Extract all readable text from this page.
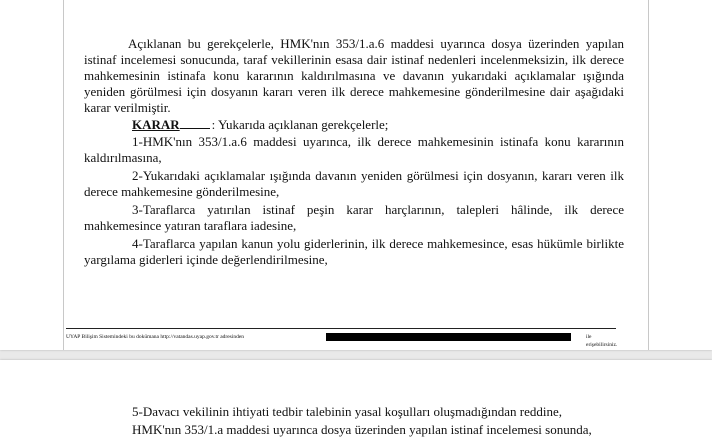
Açıklanan bu gerekçelerle, HMK'nın 353/1.a.6 maddesi uyarınca dosya üzerinden yapılan istinaf incelemesi sonucunda, taraf vekillerinin esasa dair istinaf nedenleri incelenmeksizin, ilk derece mahkemesinin istinafa konu kararının kaldırılmasına ve davanın yukarıdaki açıklamalar ışığında yeniden görülmesi için dosyanın kararı veren ilk derece mahkemesine gönderilmesine dair aşağıdaki karar verilmiştir.
KARAR : Yukarıda açıklanan gerekçelerle;
1-HMK'nın 353/1.a.6 maddesi uyarınca, ilk derece mahkemesinin istinafa konu kararının kaldırılmasına,
2-Yukarıdaki açıklamalar ışığında davanın yeniden görülmesi için dosyanın, kararı veren ilk derece mahkemesine gönderilmesine,
3-Taraflarca yatırılan istinaf peşin karar harçlarının, talepleri hâlinde, ilk derece mahkemesince yatıran taraflara iadesine,
4-Taraflarca yapılan kanun yolu giderlerinin, ilk derece mahkemesince, esas hükümle birlikte yargılama giderleri içinde değerlendirilmesine,
UYAP Bilişim Sistemindeki bu dokümana http://vatandas.uyap.gov.tr adresinden	ile erişebilirsiniz.
5-Davacı vekilinin ihtiyati tedbir talebinin yasal koşulları oluşmadığından reddine,
HMK'nın 353/1.a maddesi uyarınca dosya üzerinden yapılan istinaf incelemesi sonunda,
